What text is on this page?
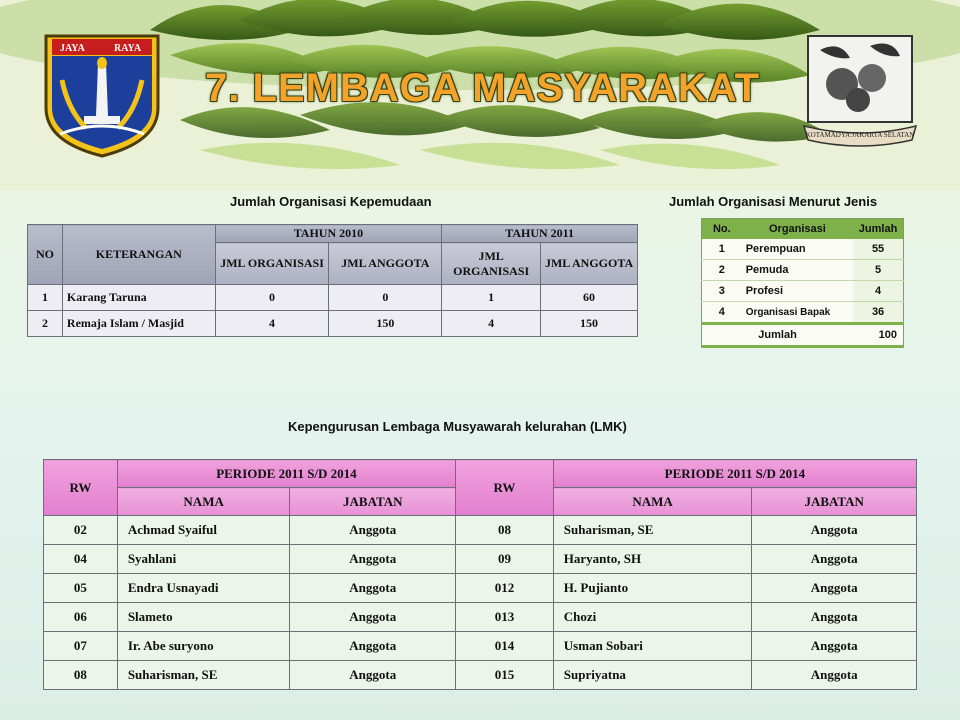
JAYA	RAYA
KOTAMADYA JAKARTA SELATAN
7. LEMBAGA MASYARAKAT
Jumlah Organisasi Kepemudaan
NO	KETERANGAN	TAHUN 2010		TAHUN 2011	
		JML ORGANISASI	JML ANGGOTA	JML ORGANISASI	JML ANGGOTA
1	Karang Taruna	0	0	1	60
2	Remaja Islam / Masjid	4	150	4	150
Jumlah Organisasi Menurut Jenis
No.	Organisasi	Jumlah
1	Perempuan	55
2	Pemuda	5
3	Profesi	4
4	Organisasi Bapak	36
Jumlah		100
Kepengurusan Lembaga Musyawarah kelurahan (LMK)
RW	PERIODE 2011 S/D 2014		RW	PERIODE 2011 S/D 2014	
	NAMA	JABATAN		NAMA	JABATAN
02	Achmad Syaiful	Anggota	08	Suharisman, SE	Anggota
04	Syahlani	Anggota	09	Haryanto, SH	Anggota
05	Endra Usnayadi	Anggota	012	H. Pujianto	Anggota
06	Slameto	Anggota	013	Chozi	Anggota
07	Ir. Abe suryono	Anggota	014	Usman Sobari	Anggota
08	Suharisman, SE	Anggota	015	Supriyatna	Anggota
